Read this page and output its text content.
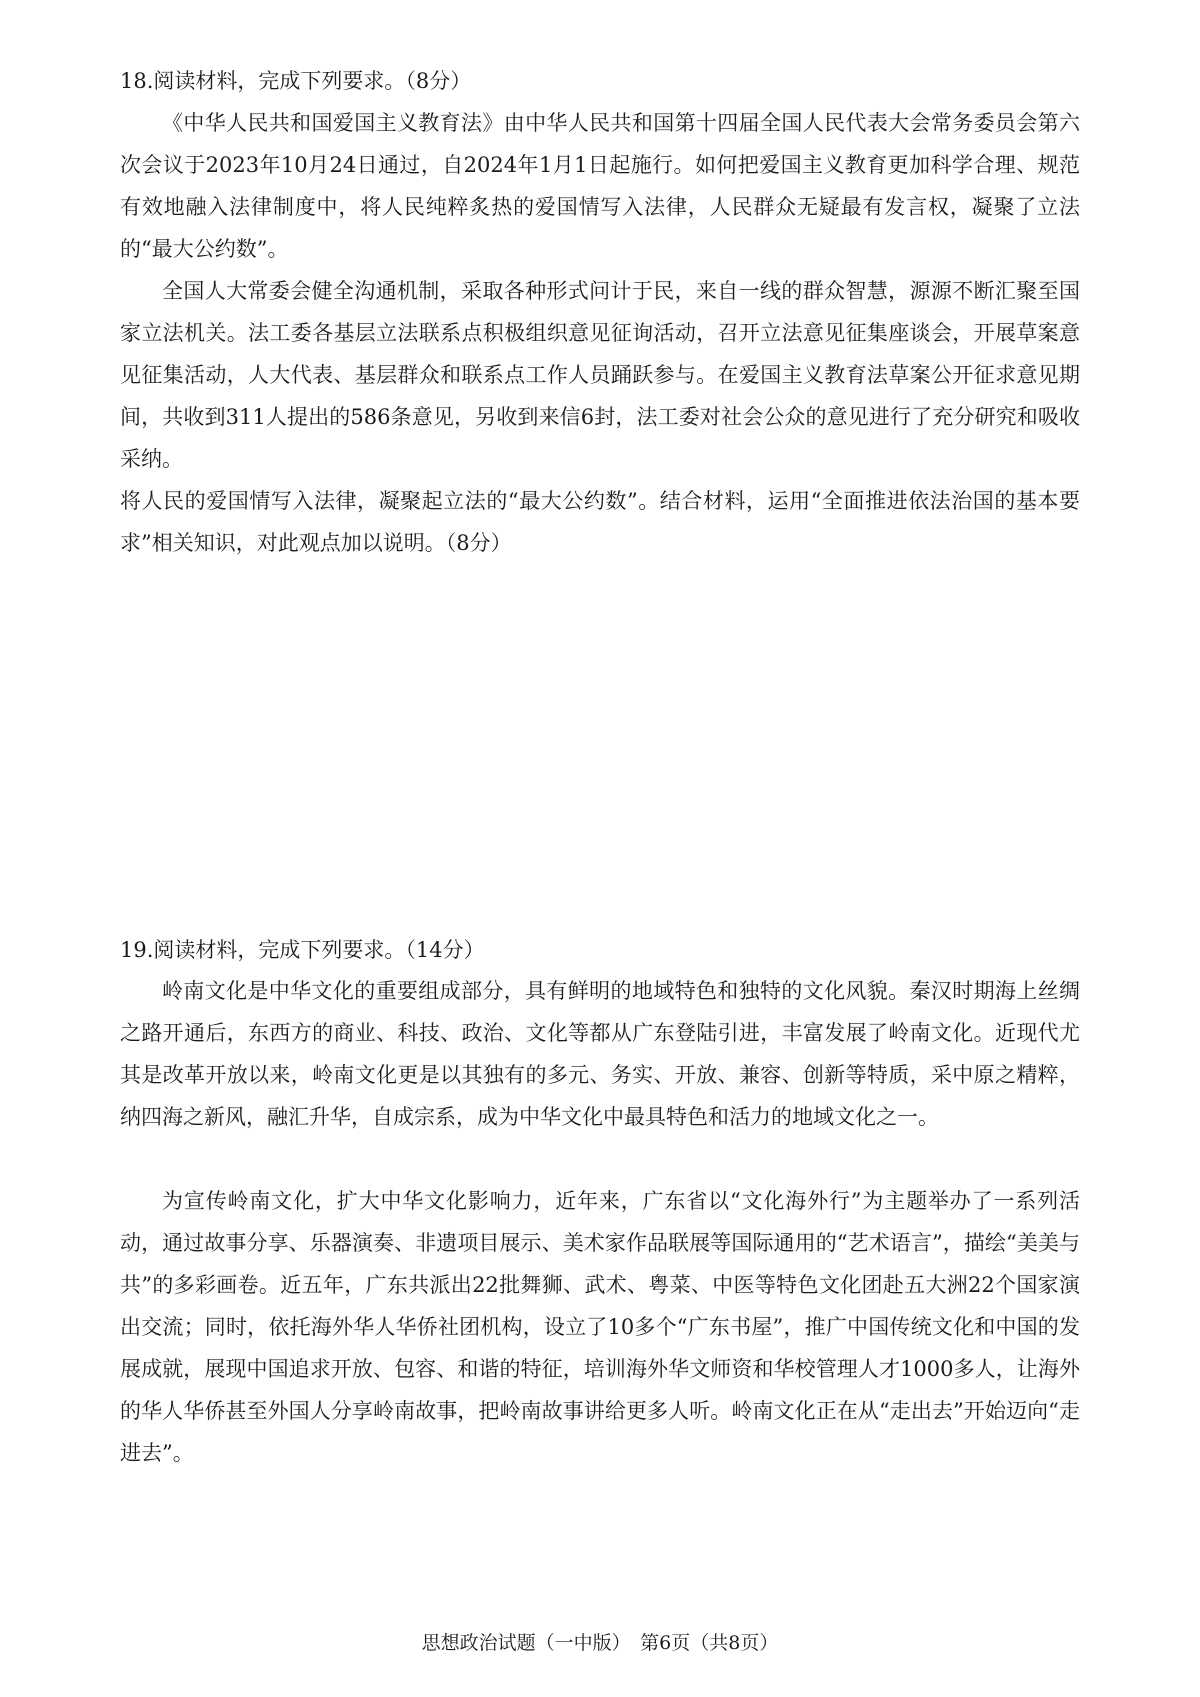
18.阅读材料，完成下列要求。（8分）

《中华人民共和国爱国主义教育法》由中华人民共和国第十四届全国人民代表大会常务委员会第六次会议于2023年10月24日通过，自2024年1月1日起施行。如何把爱国主义教育更加科学合理、规范有效地融入法律制度中，将人民纯粹炙热的爱国情写入法律，人民群众无疑最有发言权，凝聚了立法的“最大公约数”。

全国人大常委会健全沟通机制，采取各种形式问计于民，来自一线的群众智慧，源源不断汇聚至国家立法机关。法工委各基层立法联系点积极组织意见征询活动，召开立法意见征集座谈会，开展草案意见征集活动，人大代表、基层群众和联系点工作人员踊跃参与。在爱国主义教育法草案公开征求意见期间，共收到311人提出的586条意见，另收到来信6封，法工委对社会公众的意见进行了充分研究和吸收采纳。

将人民的爱国情写入法律，凝聚起立法的“最大公约数”。结合材料，运用“全面推进依法治国的基本要求”相关知识，对此观点加以说明。（8分）

19.阅读材料，完成下列要求。（14分）

岭南文化是中华文化的重要组成部分，具有鲜明的地域特色和独特的文化风貌。秦汉时期海上丝绸之路开通后，东西方的商业、科技、政治、文化等都从广东登陆引进，丰富发展了岭南文化。近现代尤其是改革开放以来，岭南文化更是以其独有的多元、务实、开放、兼容、创新等特质，采中原之精粹，纳四海之新风，融汇升华，自成宗系，成为中华文化中最具特色和活力的地域文化之一。

为宣传岭南文化，扩大中华文化影响力，近年来，广东省以“文化海外行”为主题举办了一系列活动，通过故事分享、乐器演奏、非遗项目展示、美术家作品联展等国际通用的“艺术语言”，描绘“美美与共”的多彩画卷。近五年，广东共派出22批舞狮、武术、粤菜、中医等特色文化团赴五大洲22个国家演出交流；同时，依托海外华人华侨社团机构，设立了10多个“广东书屋”，推广中国传统文化和中国的发展成就，展现中国追求开放、包容、和谐的特征，培训海外华文师资和华校管理人才1000多人，让海外的华人华侨甚至外国人分享岭南故事，把岭南故事讲给更多人听。岭南文化正在从“走出去”开始迈向“走进去”。

思想政治试题（一中版）　第6页（共8页）
